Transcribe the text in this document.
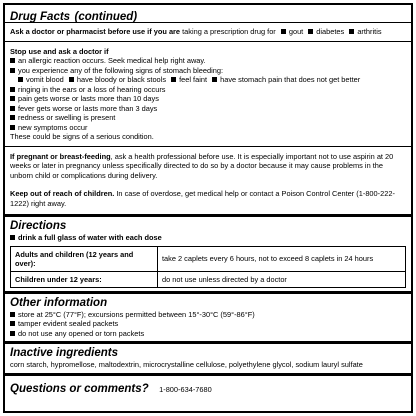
Drug Facts (continued)
Ask a doctor or pharmacist before use if you are taking a prescription drug for gout diabetes arthritis
Stop use and ask a doctor if
an allergic reaction occurs. Seek medical help right away.
you experience any of the following signs of stomach bleeding:
vomit blood have bloody or black stools feel faint have stomach pain that does not get better
ringing in the ears or a loss of hearing occurs
pain gets worse or lasts more than 10 days
fever gets worse or lasts more than 3 days
redness or swelling is present
new symptoms occur
These could be signs of a serious condition.
If pregnant or breast-feeding, ask a health professional before use. It is especially important not to use aspirin at 20 weeks or later in pregnancy unless specifically directed to do so by a doctor because it may cause problems in the unborn child or complications during delivery.
Keep out of reach of children. In case of overdose, get medical help or contact a Poison Control Center (1-800-222-1222) right away.
Directions
drink a full glass of water with each dose
Adults and children (12 years and over):	take 2 caplets every 6 hours, not to exceed 8 caplets in 24 hours
Children under 12 years:	do not use unless directed by a doctor
Other information
store at 25°C (77°F); excursions permitted between 15°-30°C (59°-86°F)
tamper evident sealed packets
do not use any opened or torn packets
Inactive ingredients
corn starch, hypromellose, maltodextrin, microcrystalline cellulose, polyethylene glycol, sodium lauryl sulfate
Questions or comments? 1-800-634-7680
